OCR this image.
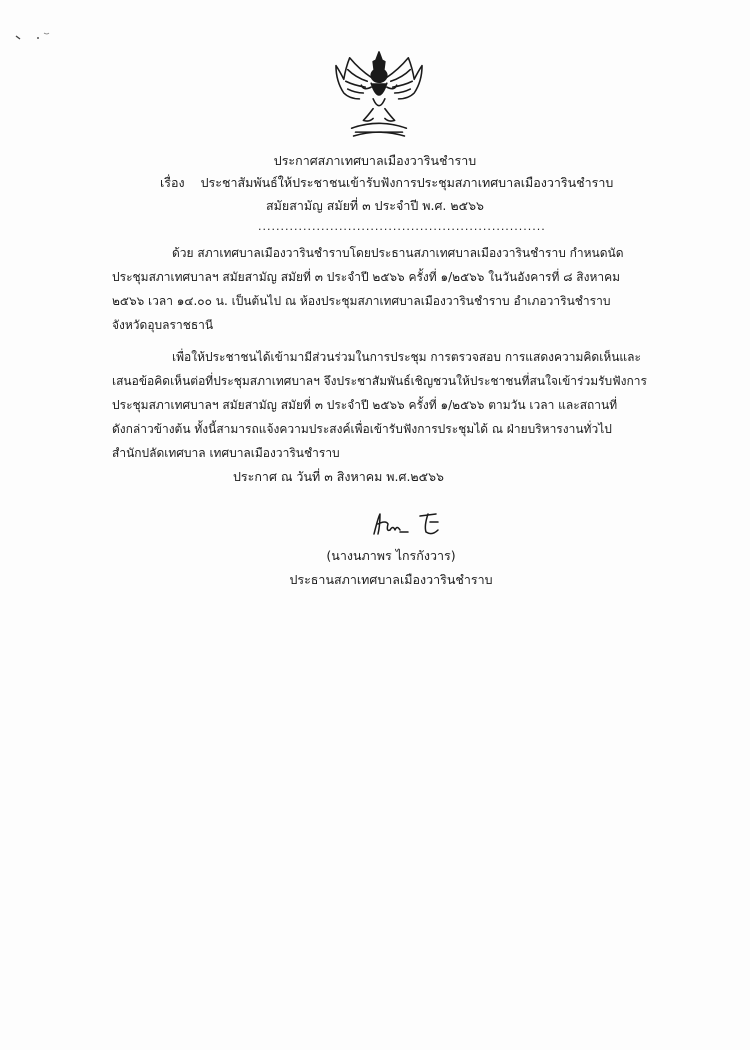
ประกาศสภาเทศบาลเมืองวารินชำราบ
เรื่อง ประชาสัมพันธ์ให้ประชาชนเข้ารับฟังการประชุมสภาเทศบาลเมืองวารินชำราบ
สมัยสามัญ สมัยที่ ๓ ประจำปี พ.ศ. ๒๕๖๖
................................................................
ด้วย สภาเทศบาลเมืองวารินชำราบโดยประธานสภาเทศบาลเมืองวารินชำราบ กำหนดนัด
ประชุมสภาเทศบาลฯ สมัยสามัญ สมัยที่ ๓ ประจำปี ๒๕๖๖ ครั้งที่ ๑/๒๕๖๖ ในวันอังคารที่ ๘ สิงหาคม
๒๕๖๖ เวลา ๑๔.๐๐ น. เป็นต้นไป ณ ห้องประชุมสภาเทศบาลเมืองวารินชำราบ อำเภอวารินชำราบ
จังหวัดอุบลราชธานี
เพื่อให้ประชาชนได้เข้ามามีส่วนร่วมในการประชุม การตรวจสอบ การแสดงความคิดเห็นและ
เสนอข้อคิดเห็นต่อที่ประชุมสภาเทศบาลฯ จึงประชาสัมพันธ์เชิญชวนให้ประชาชนที่สนใจเข้าร่วมรับฟังการ
ประชุมสภาเทศบาลฯ สมัยสามัญ สมัยที่ ๓ ประจำปี ๒๕๖๖ ครั้งที่ ๑/๒๕๖๖ ตามวัน เวลา และสถานที่
ดังกล่าวข้างต้น ทั้งนี้สามารถแจ้งความประสงค์เพื่อเข้ารับฟังการประชุมได้ ณ ฝ่ายบริหารงานทั่วไป
สำนักปลัดเทศบาล เทศบาลเมืองวารินชำราบ
ประกาศ ณ วันที่ ๓ สิงหาคม พ.ศ.๒๕๖๖
(นางนภาพร ไกรกังวาร)
ประธานสภาเทศบาลเมืองวารินชำราบ
